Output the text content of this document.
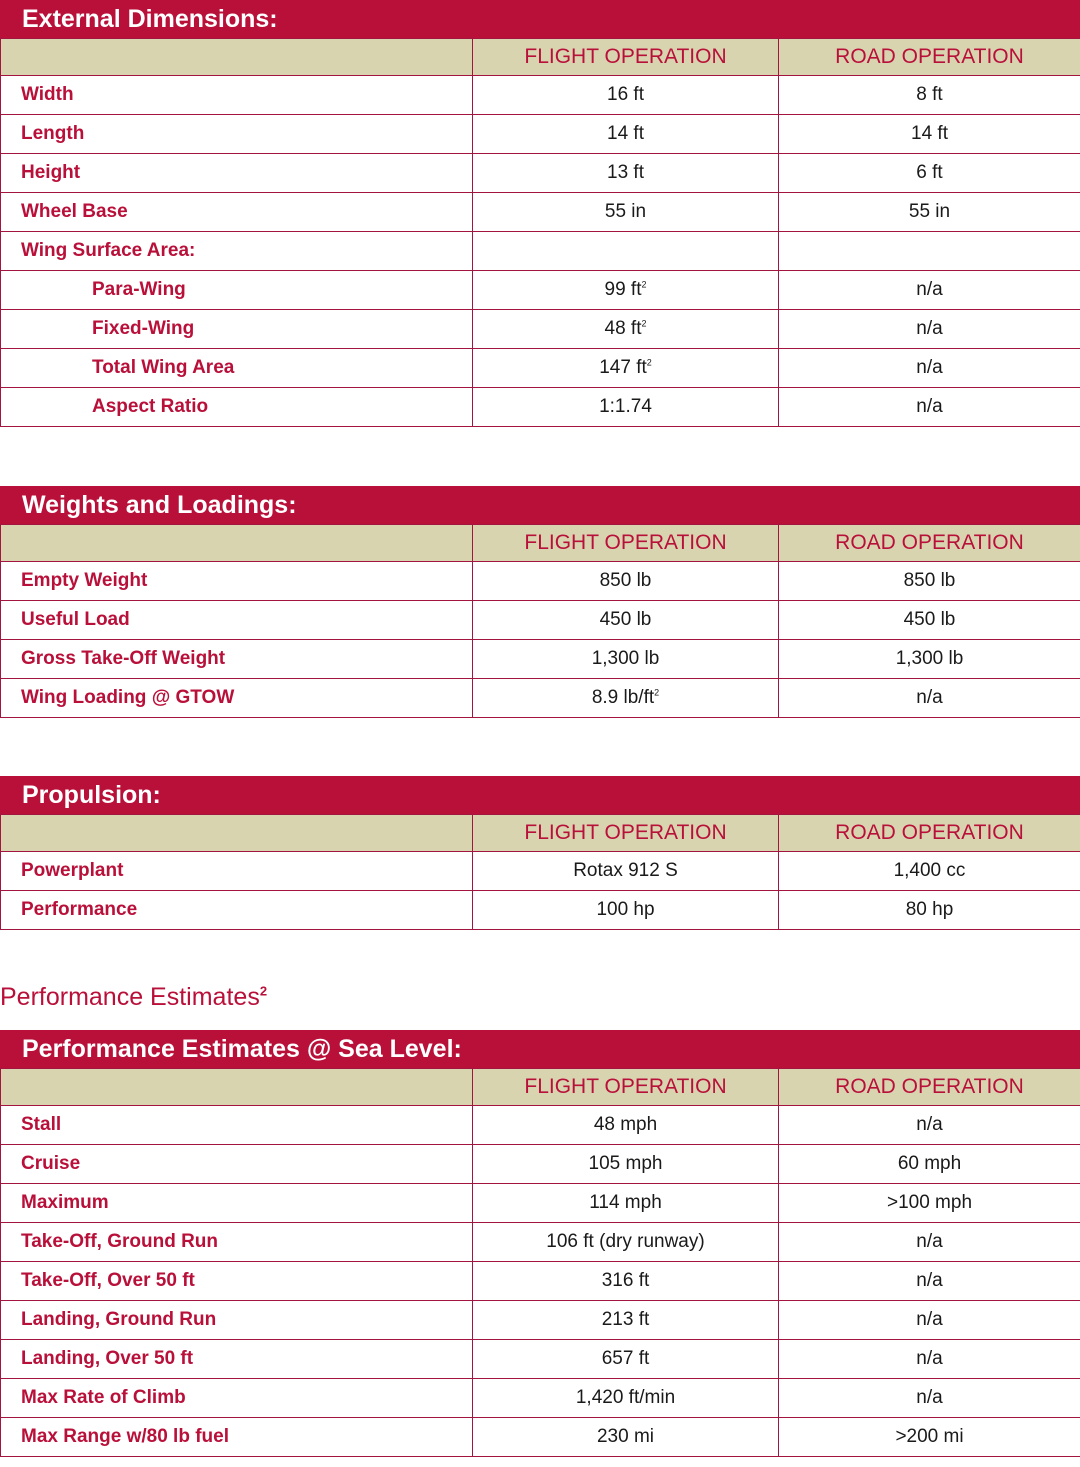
External Dimensions:
	FLIGHT OPERATION	ROAD OPERATION
Width	16 ft	8 ft
Length	14 ft	14 ft
Height	13 ft	6 ft
Wheel Base	55 in	55 in
Wing Surface Area:		
Para-Wing	99 $ft^2$	n/a
Fixed-Wing	48 $ft^2$	n/a
Total Wing Area	147 $ft^2$	n/a
Aspect Ratio	1:1.74	n/a
Weights and Loadings:
	FLIGHT OPERATION	ROAD OPERATION
Empty Weight	850 lb	850 lb
Useful Load	450 lb	450 lb
Gross Take-Off Weight	1,300 lb	1,300 lb
Wing Loading @ GTOW	8.9 $lb/ft^2$	n/a
Propulsion:
	FLIGHT OPERATION	ROAD OPERATION
Powerplant	Rotax 912 S	1,400 cc
Performance	100 hp	80 hp
Performance Estimates$^2$
Performance Estimates @ Sea Level:
	FLIGHT OPERATION	ROAD OPERATION
Stall	48 mph	n/a
Cruise	105 mph	60 mph
Maximum	114 mph	>100 mph
Take-Off, Ground Run	106 ft (dry runway)	n/a
Take-Off, Over 50 ft	316 ft	n/a
Landing, Ground Run	213 ft	n/a
Landing, Over 50 ft	657 ft	n/a
Max Rate of Climb	1,420 ft/min	n/a
Max Range w/80 lb fuel	230 mi	>200 mi
